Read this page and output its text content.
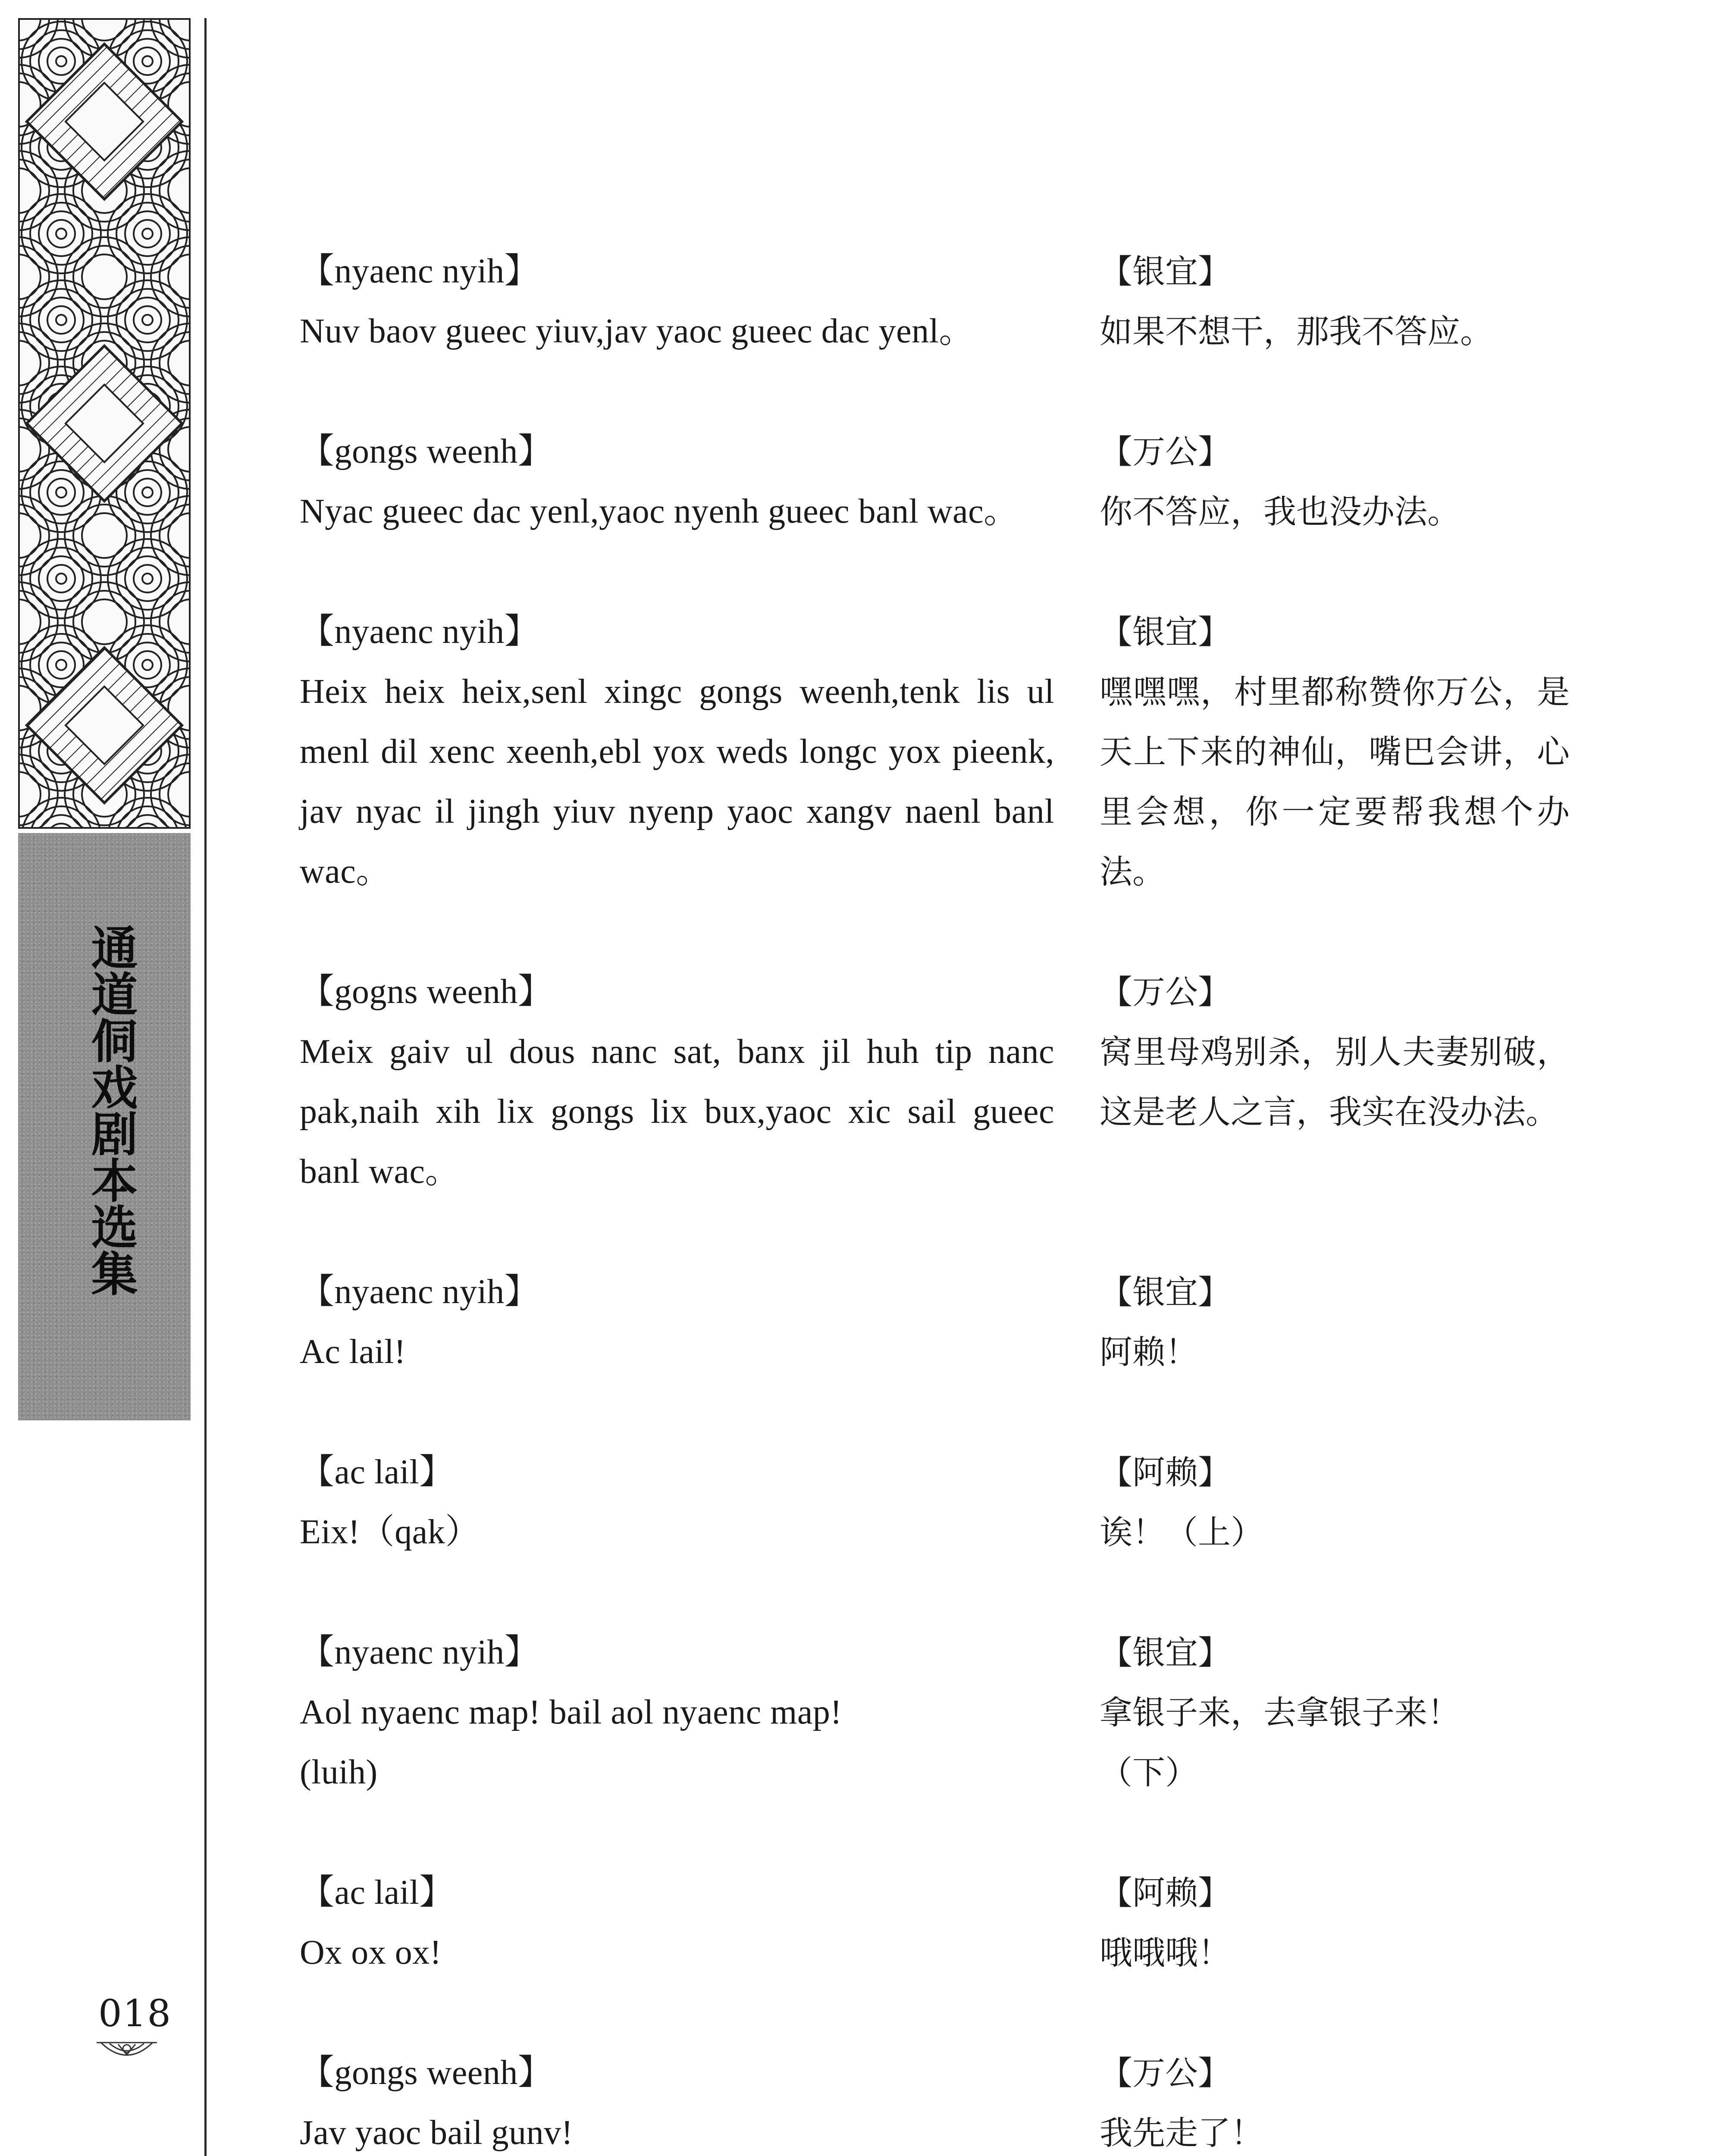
通道侗戏剧本选集
018
【nyaenc nyih】
Nuv baov gueec yiuv,jav yaoc gueec dac yenl。
【银宜】
如果不想干，那我不答应。
【gongs weenh】
Nyac gueec dac yenl,yaoc nyenh gueec banl wac。
【万公】
你不答应，我也没办法。
【nyaenc nyih】
Heix heix heix,senl xingc gongs weenh,tenk lis ul menl dil xenc xeenh,ebl yox weds longc yox pieenk, jav nyac il jingh yiuv nyenp yaoc xangv naenl banl wac。
【银宜】
嘿嘿嘿，村里都称赞你万公，是天上下来的神仙，嘴巴会讲，心里会想，你一定要帮我想个办法。
【gogns weenh】
Meix gaiv ul dous nanc sat, banx jil huh tip nanc pak,naih xih lix gongs lix bux,yaoc xic sail gueec banl wac。
【万公】
窝里母鸡别杀，别人夫妻别破，这是老人之言，我实在没办法。
【nyaenc nyih】
Ac lail!
【银宜】
阿赖！
【ac lail】
Eix!（qak）
【阿赖】
诶！（上）
【nyaenc nyih】
Aol nyaenc map! bail aol nyaenc map!
(luih)
【银宜】
拿银子来，去拿银子来！
（下）
【ac lail】
Ox ox ox!
【阿赖】
哦哦哦！
【gongs weenh】
Jav yaoc bail gunv!
【万公】
我先走了！
